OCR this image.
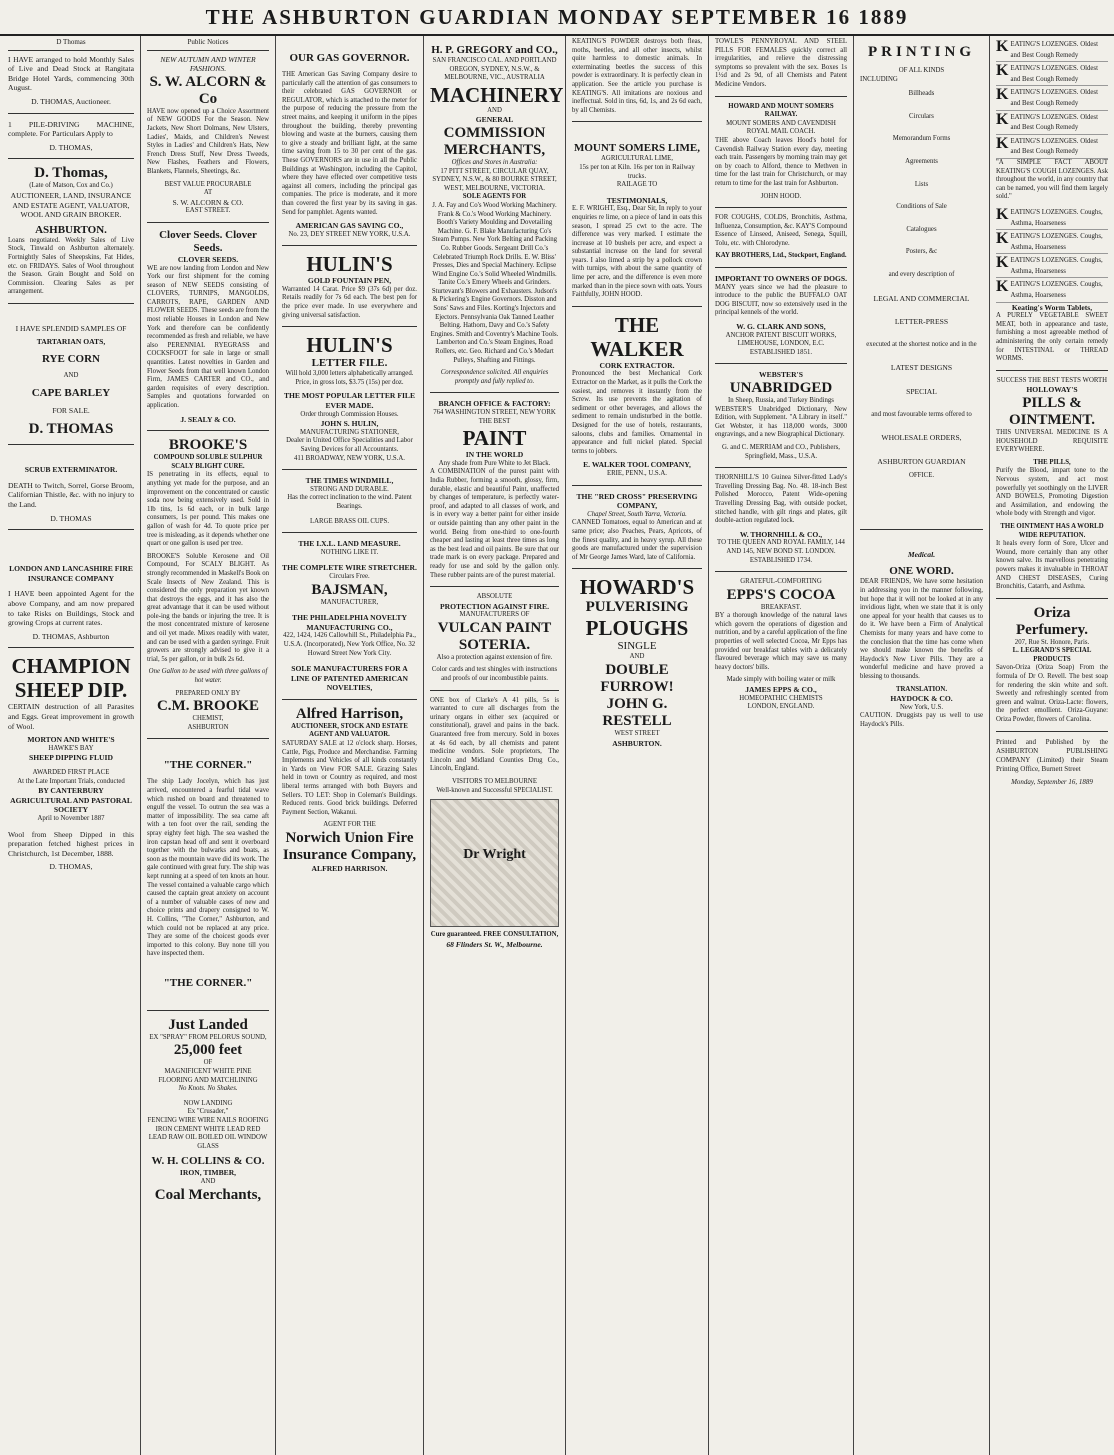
THE ASHBURTON GUARDIAN MONDAY SEPTEMBER 16 1889
D Thomas

I HAVE arranged to hold Monthly Sales of Live and Dead Stock at Rangitata Bridge Hotel Yards, commencing 30th August.

D. THOMAS, Auctioneer.

1 PILE-DRIVING MACHINE, complete. For Particulars Apply to

D. THOMAS,

D. Thomas,
(Late of Matson, Cox and Co.)

AUCTIONEER, LAND, INSURANCE AND ESTATE AGENT, VALUATOR, WOOL AND GRAIN BROKER.

ASHBURTON.

Loans negotiated. Weekly Sales of Live Stock, Tinwald on Ashburton alternately. Fortnightly Sales of Sheepskins, Fat Hides, etc. on FRIDAYS. Sales of Wool throughout the Season. Grain Bought and Sold on Commission. Clearing Sales as per arrangement.

I HAVE SPLENDID SAMPLES OF

TARTARIAN OATS,
RYE CORN
AND
CAPE BARLEY
FOR SALE.
D. THOMAS
SCRUB EXTERMINATOR.

DEATH to Twitch, Sorrel, Gorse Broom, Californian Thistle, &c. with no injury to the Land.

D. THOMAS

LONDON AND LANCASHIRE FIRE INSURANCE COMPANY

I HAVE been appointed Agent for the above Company, and am now prepared to take Risks on Buildings, Stock and growing Crops at current rates.

D. THOMAS, Ashburton

CHAMPION
SHEEP DIP.

CERTAIN destruction of all Parasites and Eggs. Great improvement in growth of Wool.

MORTON AND WHITE'S
HAWKE'S BAY
SHEEP DIPPING FLUID
AWARDED FIRST PLACE
At the Late Important Trials, conducted
BY CANTERBURY AGRICULTURAL AND PASTORAL SOCIETY
April to November 1887

Wool from Sheep Dipped in this preparation fetched highest prices in Christchurch, 1st December, 1888.

D. THOMAS,

Public Notices
NEW AUTUMN AND WINTER FASHIONS.
S. W. ALCORN & Co

HAVE now opened up a Choice Assortment of NEW GOODS For the Season. New Jackets, New Short Dolmans, New Ulsters, Ladies', Maids, and Children's Newest Styles in Ladies' and Children's Hats, New French Dress Stuff, New Dress Tweeds, New Flashes, Feathers and Flowers, Blankets, Flannels, Sheetings, &c.

BEST VALUE PROCURABLE
AT
S. W. ALCORN & CO.
EAST STREET.
Clover Seeds. Clover Seeds.
CLOVER SEEDS.

WE are now landing from London and New York our first shipment for the coming season of NEW SEEDS consisting of CLOVERS, TURNIPS, MANGOLDS, CARROTS, RAPE, GARDEN AND FLOWER SEEDS. These seeds are from the most reliable Houses in London and New York and therefore can be confidently recommended as fresh and reliable, we have also PERENNIAL RYEGRASS and COCKSFOOT for sale in large or small quantities. Latest novelties in Garden and Flower Seeds from that well known London Firm, JAMES CARTER and CO., and garden requisites of every description. Samples and quotations forwarded on application.

J. SEALY & CO.
BROOKE'S
COMPOUND SOLUBLE SULPHUR SCALY BLIGHT CURE.

IS penetrating in its effects, equal to anything yet made for the purpose, and an improvement on the concentrated or caustic soda now being extensively used. Sold in 1lb tins, 1s 6d each, or in bulk large consumers, 1s per pound. This makes one gallon of wash for 4d. To quote price per tree is misleading, as it depends whether one quart or one gallon is used per tree.

BROOKE'S Soluble Kerosene and Oil Compound, For SCALY BLIGHT. As strongly recommended in Maskell's Book on Scale Insects of New Zealand. This is considered the only preparation yet known that destroys the eggs, and it has also the great advantage that it can be used without pole-ing the bands or injuring the tree. It is the most concentrated mixture of kerosene and oil yet made. Mixes readily with water, and can be used with a garden syringe. Fruit growers are strongly advised to give it a trial, 5s per gallon, or in bulk 2s 6d.

One Gallon to be used with three gallons of hot water.

PREPARED ONLY BY
C.M. BROOKE
CHEMIST,
ASHBURTON
"THE CORNER."

The ship Lady Jocelyn, which has just arrived, encountered a fearful tidal wave which rushed on board and threatened to engulf the vessel. To outrun the sea was a matter of impossibility. The sea came aft with a ten foot over the rail, sending the spray eighty feet high. The sea washed the iron capstan head off and sent it overboard together with the bulwarks and boats, as soon as the mountain wave did its work. The gale continued with great fury. The ship was kept running at a speed of ten knots an hour. The vessel contained a valuable cargo which caused the captain great anxiety on account of a number of valuable cases of new and choice prints and drapery consigned to W. H. Collins, "The Corner," Ashburton, and which could not be replaced at any price. They are some of the choicest goods ever imported to this colony. Buy none till you have inspected them.

"THE CORNER."
Just Landed
EX "SPRAY" FROM PELORUS SOUND,
25,000 feet
OF
MAGNIFICENT WHITE PINE FLOORING AND MATCHLINING
No Knots. No Shakes.
NOW LANDING
Ex "Crusader,"

FENCING WIRE WIRE NAILS ROOFING IRON CEMENT WHITE LEAD RED LEAD RAW OIL BOILED OIL WINDOW GLASS

W. H. COLLINS & CO.
IRON, TIMBER,
AND
Coal Merchants,
OUR GAS GOVERNOR.

THE American Gas Saving Company desire to particularly call the attention of gas consumers to their celebrated GAS GOVERNOR or REGULATOR, which is attached to the meter for the purpose of reducing the pressure from the street mains, and keeping it uniform in the pipes throughout the building, thereby preventing blowing and waste at the burners, causing them to give a steady and brilliant light, at the same time saving from 15 to 30 per cent of the gas. These GOVERNORS are in use in all the Public Buildings at Washington, including the Capitol, where they have effected over competitive tests against all comers, including the principal gas companies. The price is moderate, and it more than covered the first year by its saving in gas. Send for pamphlet. Agents wanted.

AMERICAN GAS SAVING CO.,
No. 23, DEY STREET NEW YORK, U.S.A.
HULIN'S
GOLD FOUNTAIN PEN,

Warranted 14 Carat. Price $9 (37s 6d) per doz. Retails readily for 7s 6d each. The best pen for the price ever made. In use everywhere and giving universal satisfaction.

HULIN'S
LETTER FILE.

Will hold 3,000 letters alphabetically arranged. Price, in gross lots, $3.75 (15s) per doz.

THE MOST POPULAR LETTER FILE EVER MADE.
Order through Commission Houses.
JOHN S. HULIN,
MANUFACTURING STATIONER,
Dealer in United Office Specialities and Labor Saving Devices for all Accountants.
411 BROADWAY, NEW YORK, U.S.A.
THE TIMES WINDMILL,
STRONG AND DURABLE.
Has the correct inclination to the wind. Patent Bearings.
LARGE BRASS OIL CUPS.
THE I.X.L. LAND MEASURE.
NOTHING LIKE IT.
THE COMPLETE WIRE STRETCHER.
Circulars Free.
BAJSMAN,
MANUFACTURER,
THE PHILADELPHIA NOVELTY MANUFACTURING CO.,
422, 1424, 1426 Callowhill St., Philadelphia Pa., U.S.A. (Incorporated), New York Office, No. 32 Howard Street New York City.
SOLE MANUFACTURERS FOR A LINE OF PATENTED AMERICAN NOVELTIES,
Alfred Harrison,
AUCTIONEER, STOCK AND ESTATE AGENT AND VALUATOR.

SATURDAY SALE at 12 o'clock sharp. Horses, Cattle, Pigs, Produce and Merchandise. Farming Implements and Vehicles of all kinds constantly in Yards on View FOR SALE. Grazing Sales held in town or Country as required, and most liberal terms arranged with both Buyers and Sellers. TO LET: Shop in Coleman's Buildings. Reduced rents. Good brick buildings. Deferred Payment Section, Wakanui.

AGENT FOR THE
Norwich Union Fire Insurance Company,
ALFRED HARRISON.
H. P. GREGORY and CO.,
SAN FRANCISCO CAL. AND PORTLAND OREGON, SYDNEY, N.S.W., & MELBOURNE, VIC., AUSTRALIA
MACHINERY
AND
GENERAL
COMMISSION MERCHANTS,
Offices and Stores in Australia:
17 PITT STREET, CIRCULAR QUAY, SYDNEY, N.S.W., & 80 BOURKE STREET, WEST, MELBOURNE, VICTORIA.
SOLE AGENTS FOR

J. A. Fay and Co's Wood Working Machinery. Frank & Co.'s Wood Working Machinery. Booth's Variety Moulding and Dovetailing Machine. G. F. Blake Manufacturing Co's Steam Pumps. New York Belting and Packing Co. Rubber Goods. Sergeant Drill Co.'s Celebrated Triumph Rock Drills. E. W. Bliss' Presses, Dies and Special Machinery. Eclipse Wind Engine Co.'s Solid Wheeled Windmills. Tanite Co.'s Emery Wheels and Grinders. Sturtevant's Blowers and Exhausters. Judson's & Pickering's Engine Governors. Disston and Sons' Saws and Files. Korting's Injectors and Ejectors. Pennsylvania Oak Tanned Leather Belting. Hathorn, Davy and Co.'s Safety Engines. Smith and Coventry's Machine Tools. Lamberton and Co.'s Steam Engines, Road Rollers, etc. Geo. Richard and Co.'s Medart Pulleys, Shafting and Fittings.

Correspondence solicited. All enquiries promptly and fully replied to.

BRANCH OFFICE & FACTORY:
764 WASHINGTON STREET, NEW YORK
THE BEST
PAINT
IN THE WORLD
Any shade from Pure White to Jet Black.

A COMBINATION of the purest paint with India Rubber, forming a smooth, glossy, firm, durable, elastic and beautiful Paint, unaffected by changes of temperature, is perfectly water-proof, and adapted to all classes of work, and is in every way a better paint for either inside or outside painting than any other paint in the world. Being from one-third to one-fourth cheaper and lasting at least three times as long as the best lead and oil paints. Be sure that our trade mark is on every package. Prepared and ready for use and sold by the gallon only. These rubber paints are of the purest material.

ABSOLUTE
PROTECTION AGAINST FIRE.
MANUFACTURERS OF
VULCAN PAINT
SOTERIA.

Also a protection against extension of fire.

Color cards and test shingles with instructions and proofs of our incombustible paints.

ONE box of Clarke's A 41 pills, 5s is warranted to cure all discharges from the urinary organs in either sex (acquired or constitutional), gravel and pains in the back. Guaranteed free from mercury. Sold in boxes at 4s 6d each, by all chemists and patent medicine vendors. Sole proprietors, The Lincoln and Midland Counties Drug Co., Lincoln, England.

VISITORS TO MELBOURNE
Well-known and Successful SPECIALIST.
Dr Wright
Cure guaranteed. FREE CONSULTATION,
68 Flinders St. W., Melbourne.

KEATING'S POWDER destroys both fleas, moths, beetles, and all other insects, whilst quite harmless to domestic animals. In exterminating beetles the success of this powder is extraordinary. It is perfectly clean in application. See the article you purchase is KEATING'S. All imitations are noxious and ineffectual. Sold in tins, 6d, 1s, and 2s 6d each, by all Chemists.

MOUNT SOMERS LIME,
AGRICULTURAL LIME,
15s per ton at Kiln. 16s per ton in Railway trucks.
RAILAGE TO
TESTIMONIALS,

E. F. WRIGHT, Esq., Dear Sir, In reply to your enquiries re lime, on a piece of land in oats this season, I spread 25 cwt to the acre. The difference was very marked. I estimate the increase at 10 bushels per acre, and expect a substantial increase on the land for several years. I also limed a strip by a pollock crown with turnips, with about the same quantity of lime per acre, and the difference is even more marked than in the piece sown with oats. Yours Faithfully, JOHN HOOD.

THE WALKER
CORK EXTRACTOR.

Pronounced the best Mechanical Cork Extractor on the Market, as it pulls the Cork the easiest, and removes it instantly from the Screw. Its use prevents the agitation of sediment or other beverages, and allows the sediment to remain undisturbed in the bottle. Designed for the use of hotels, restaurants, saloons, clubs and families. Ornamental in appearance and full nickel plated. Special terms to jobbers.

E. WALKER TOOL COMPANY,
ERIE, PENN., U.S.A.
THE "RED CROSS" PRESERVING COMPANY,
Chapel Street, South Yarra, Victoria.

CANNED Tomatoes, equal to American and at same price; also Peaches, Pears, Apricots, of the finest quality, and in heavy syrup. All these goods are manufactured under the supervision of Mr George James Ward, late of California.

HOWARD'S
PULVERISING
PLOUGHS
SINGLE
AND
DOUBLE FURROW!
JOHN G. RESTELL
WEST STREET
ASHBURTON.

TOWLE'S PENNYROYAL AND STEEL PILLS FOR FEMALES quickly correct all irregularities, and relieve the distressing symptoms so prevalent with the sex. Boxes 1s 1½d and 2s 9d, of all Chemists and Patent Medicine Vendors.

HOWARD AND MOUNT SOMERS RAILWAY.
MOUNT SOMERS AND CAVENDISH ROYAL MAIL COACH.

THE above Coach leaves Hood's hotel for Cavendish Railway Station every day, meeting each train. Passengers by morning train may get on by coach to Alford, thence to Methven in time for the last train for Christchurch, or may return to time for the last train for Ashburton.

JOHN HOOD.

FOR COUGHS, COLDS, Bronchitis, Asthma, Influenza, Consumption, &c. KAY'S Compound Essence of Linseed, Aniseed, Senega, Squill, Tolu, etc. with Chlorodyne.

KAY BROTHERS, Ltd., Stockport, England.
IMPORTANT TO OWNERS OF DOGS.

MANY years since we had the pleasure to introduce to the public the BUFFALO OAT DOG BISCUIT, now so extensively used in the principal kennels of the world.

W. G. CLARK AND SONS,
ANCHOR PATENT BISCUIT WORKS,
LIMEHOUSE, LONDON, E.C.
ESTABLISHED 1851.
WEBSTER'S
UNABRIDGED
In Sheep, Russia, and Turkey Bindings

WEBSTER'S Unabridged Dictionary, New Edition, with Supplement. "A Library in itself." Get Webster, it has 118,000 words, 3000 engravings, and a new Biographical Dictionary.

G. and C. MERRIAM and CO., Publishers, Springfield, Mass., U.S.A.

THORNHILL'S 10 Guinea Silver-fitted Lady's Travelling Dressing Bag. No. 48. 18-inch Best Polished Morocco, Patent Wide-opening Travelling Dressing Bag, with outside pocket, stitched handle, with gilt rings and plates, gilt double-action regulated lock.

W. THORNHILL & CO.,
TO THE QUEEN AND ROYAL FAMILY, 144 AND 145, NEW BOND ST. LONDON.
ESTABLISHED 1734.
GRATEFUL-COMFORTING
EPPS'S COCOA
BREAKFAST.

BY a thorough knowledge of the natural laws which govern the operations of digestion and nutrition, and by a careful application of the fine properties of well selected Cocoa, Mr Epps has provided our breakfast tables with a delicately flavoured beverage which may save us many heavy doctors' bills.

Made simply with boiling water or milk
JAMES EPPS & CO.,
HOMEOPATHIC CHEMISTS
LONDON, ENGLAND.
PRINTING
OF ALL KINDS
INCLUDING
Billheads
Circulars
Memorandum Forms
Agreements
Lists
Conditions of Sale
Catalogues
Posters, &c
and every description of
LEGAL AND COMMERCIAL
LETTER-PRESS
executed at the shortest notice and in the
LATEST DESIGNS
SPECIAL
and most favourable terms offered to
WHOLESALE ORDERS,
ASHBURTON GUARDIAN
OFFICE.
Medical.
ONE WORD.

DEAR FRIENDS, We have some hesitation in addressing you in the manner following, but hope that it will not be looked at in any invidious light, when we state that it is only one appeal for your health that causes us to do it. We have been a Firm of Analytical Chemists for many years and have come to the conclusion that the time has come when we should make known the benefits of Haydock's New Liver Pills. They are a wonderful medicine and have proved a blessing to thousands.

TRANSLATION.
HAYDOCK & CO.
New York, U.S.

CAUTION. Druggists pay us well to use Haydock's Pills.

KEATING'S LOZENGES. Oldest and Best Cough Remedy
KEATING'S LOZENGES. Oldest and Best Cough Remedy
KEATING'S LOZENGES. Oldest and Best Cough Remedy
KEATING'S LOZENGES. Oldest and Best Cough Remedy
KEATING'S LOZENGES. Oldest and Best Cough Remedy

"A SIMPLE FACT ABOUT KEATING'S COUGH LOZENGES. Ask throughout the world, in any country that can be named, you will find them largely sold."

KEATING'S LOZENGES. Coughs, Asthma, Hoarseness
KEATING'S LOZENGES. Coughs, Asthma, Hoarseness
KEATING'S LOZENGES. Coughs, Asthma, Hoarseness
KEATING'S LOZENGES. Coughs, Asthma, Hoarseness
Keating's Worm Tablets,

A PURELY VEGETABLE SWEET MEAT, both in appearance and taste, furnishing a most agreeable method of administering the only certain remedy for INTESTINAL or THREAD WORMS.

SUCCESS THE BEST TESTS WORTH
HOLLOWAY'S
PILLS & OINTMENT.

THIS UNIVERSAL MEDICINE IS A HOUSEHOLD REQUISITE EVERYWHERE.

THE PILLS,

Purify the Blood, impart tone to the Nervous system, and act most powerfully yet soothingly on the LIVER AND BOWELS, Promoting Digestion and Assimilation, and endowing the whole body with Strength and vigor.

THE OINTMENT HAS A WORLD WIDE REPUTATION.

It heals every form of Sore, Ulcer and Wound, more certainly than any other known salve. Its marvellous penetrating powers makes it invaluable in THROAT AND CHEST DISEASES, Curing Bronchitis, Catarrh, and Asthma.

Oriza Perfumery.
207, Rue St. Honore, Paris.
L. LEGRAND'S SPECIAL PRODUCTS

Savon-Oriza (Oriza Soap) From the formula of Dr O. Revell. The best soap for rendering the skin white and soft. Sweetly and refreshingly scented from green and walnut. Oriza-Lacte: flowers, the perfect emollient. Oriza-Guyane: Oriza Powder, flowers of Carolina.

Printed and Published by the ASHBURTON PUBLISHING COMPANY (Limited) their Steam Printing Office, Burnett Street

Monday, September 16, 1889
